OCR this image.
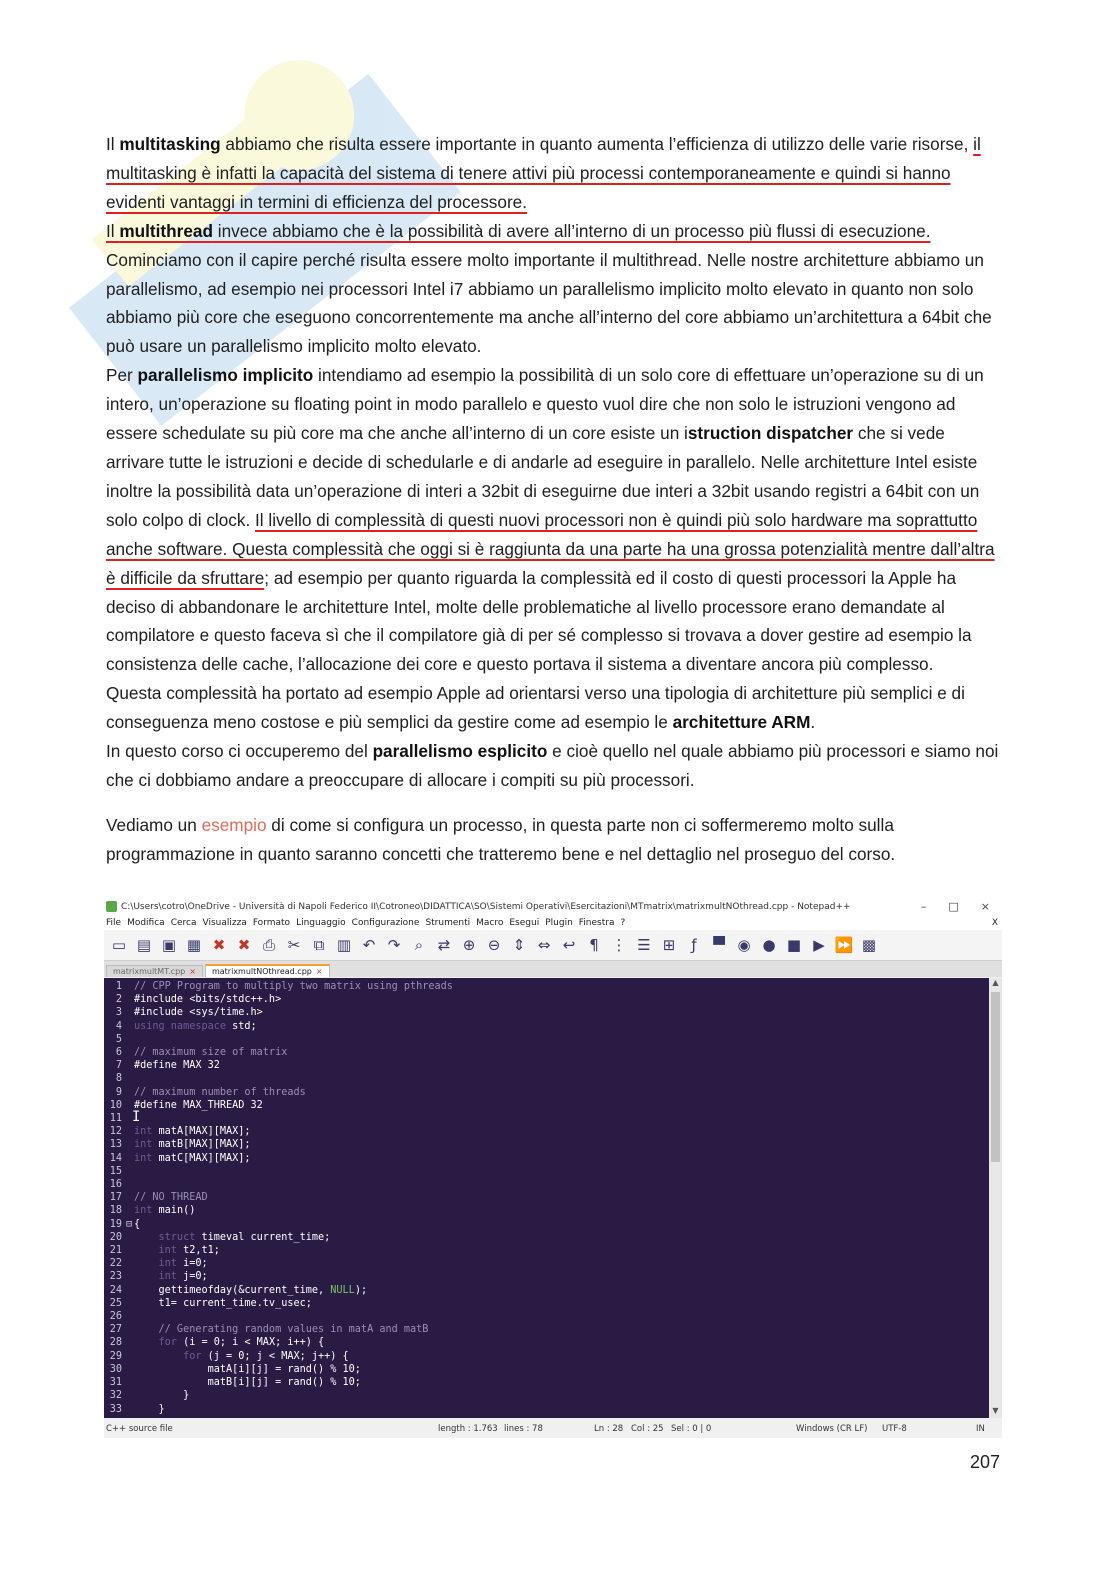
Il multitasking abbiamo che risulta essere importante in quanto aumenta l’efficienza di utilizzo delle varie risorse, il multitasking è infatti la capacità del sistema di tenere attivi più processi contemporaneamente e quindi si hanno evidenti vantaggi in termini di efficienza del processore.

Il multithread invece abbiamo che è la possibilità di avere all’interno di un processo più flussi di esecuzione.

Cominciamo con il capire perché risulta essere molto importante il multithread. Nelle nostre architetture abbiamo un parallelismo, ad esempio nei processori Intel i7 abbiamo un parallelismo implicito molto elevato in quanto non solo abbiamo più core che eseguono concorrentemente ma anche all’interno del core abbiamo un’architettura a 64bit che può usare un parallelismo implicito molto elevato.

Per parallelismo implicito intendiamo ad esempio la possibilità di un solo core di effettuare un’operazione su di un intero, un’operazione su floating point in modo parallelo e questo vuol dire che non solo le istruzioni vengono ad essere schedulate su più core ma che anche all’interno di un core esiste un istruction dispatcher che si vede arrivare tutte le istruzioni e decide di schedularle e di andarle ad eseguire in parallelo. Nelle architetture Intel esiste inoltre la possibilità data un’operazione di interi a 32bit di eseguirne due interi a 32bit usando registri a 64bit con un solo colpo di clock. Il livello di complessità di questi nuovi processori non è quindi più solo hardware ma soprattutto anche software. Questa complessità che oggi si è raggiunta da una parte ha una grossa potenzialità mentre dall’altra è difficile da sfruttare; ad esempio per quanto riguarda la complessità ed il costo di questi processori la Apple ha deciso di abbandonare le architetture Intel, molte delle problematiche al livello processore erano demandate al compilatore e questo faceva sì che il compilatore già di per sé complesso si trovava a dover gestire ad esempio la consistenza delle cache, l’allocazione dei core e questo portava il sistema a diventare ancora più complesso.

Questa complessità ha portato ad esempio Apple ad orientarsi verso una tipologia di architetture più semplici e di conseguenza meno costose e più semplici da gestire come ad esempio le architetture ARM.

In questo corso ci occuperemo del parallelismo esplicito e cioè quello nel quale abbiamo più processori e siamo noi che ci dobbiamo andare a preoccupare di allocare i compiti su più processori.

Vediamo un esempio di come si configura un processo, in questa parte non ci soffermeremo molto sulla programmazione in quanto saranno concetti che tratteremo bene e nel dettaglio nel proseguo del corso.

C:\Users\cotro\OneDrive - Università di Napoli Federico II\Cotroneo\DIDATTICA\SO\Sistemi Operativi\Esercitazioni\MTmatrix\matrixmultNOthread.cpp - Notepad++	– □ ×
File Modifica Cerca Visualizza Formato Linguaggio Configurazione Strumenti Macro Esegui Plugin Finestra ?	X
▭ ▤ ▣ ▦ ✖ ✖ ⎙ ✂ ⧉ ▥ ↶ ↷ ⌕ ⇄ ⊕ ⊖ ⇕ ⇔ ↩ ¶ ⋮ ☰ ⊞	ƒ	▀ ◉ ● ■ ▶ ⏩ ▩
matrixmultMT.cpp ×	matrixmultNOthread.cpp ×
1	// CPP Program to multiply two matrix using pthreads
2	#include <bits/stdc++.h>
3	#include <sys/time.h>
4	using namespace std;
5
6	// maximum size of matrix
7	#define MAX 32
8
9	// maximum number of threads
10	#define MAX_THREAD 32
11
12	int matA[MAX][MAX];
13	int matB[MAX][MAX];
14	int matC[MAX][MAX];
15
16
17	// NO THREAD
18	int main()
19 ⊟ {
20	struct timeval current_time;
21	int t2,t1;
22	int i=0;
23	int j=0;
24	gettimeofday(&current_time, NULL);
25	t1= current_time.tv_usec;
26
27	// Generating random values in matA and matB
28	for (i = 0; i < MAX; i++) {
29	for (j = 0; j < MAX; j++) {
30	matA[i][j] = rand() % 10;
31	matB[i][j] = rand() % 10;
32	}
33	}
I
▲
▼
C++ source file	length : 1.763 lines : 78	Ln : 28 Col : 25 Sel : 0 | 0	Windows (CR LF) UTF-8	IN
207
